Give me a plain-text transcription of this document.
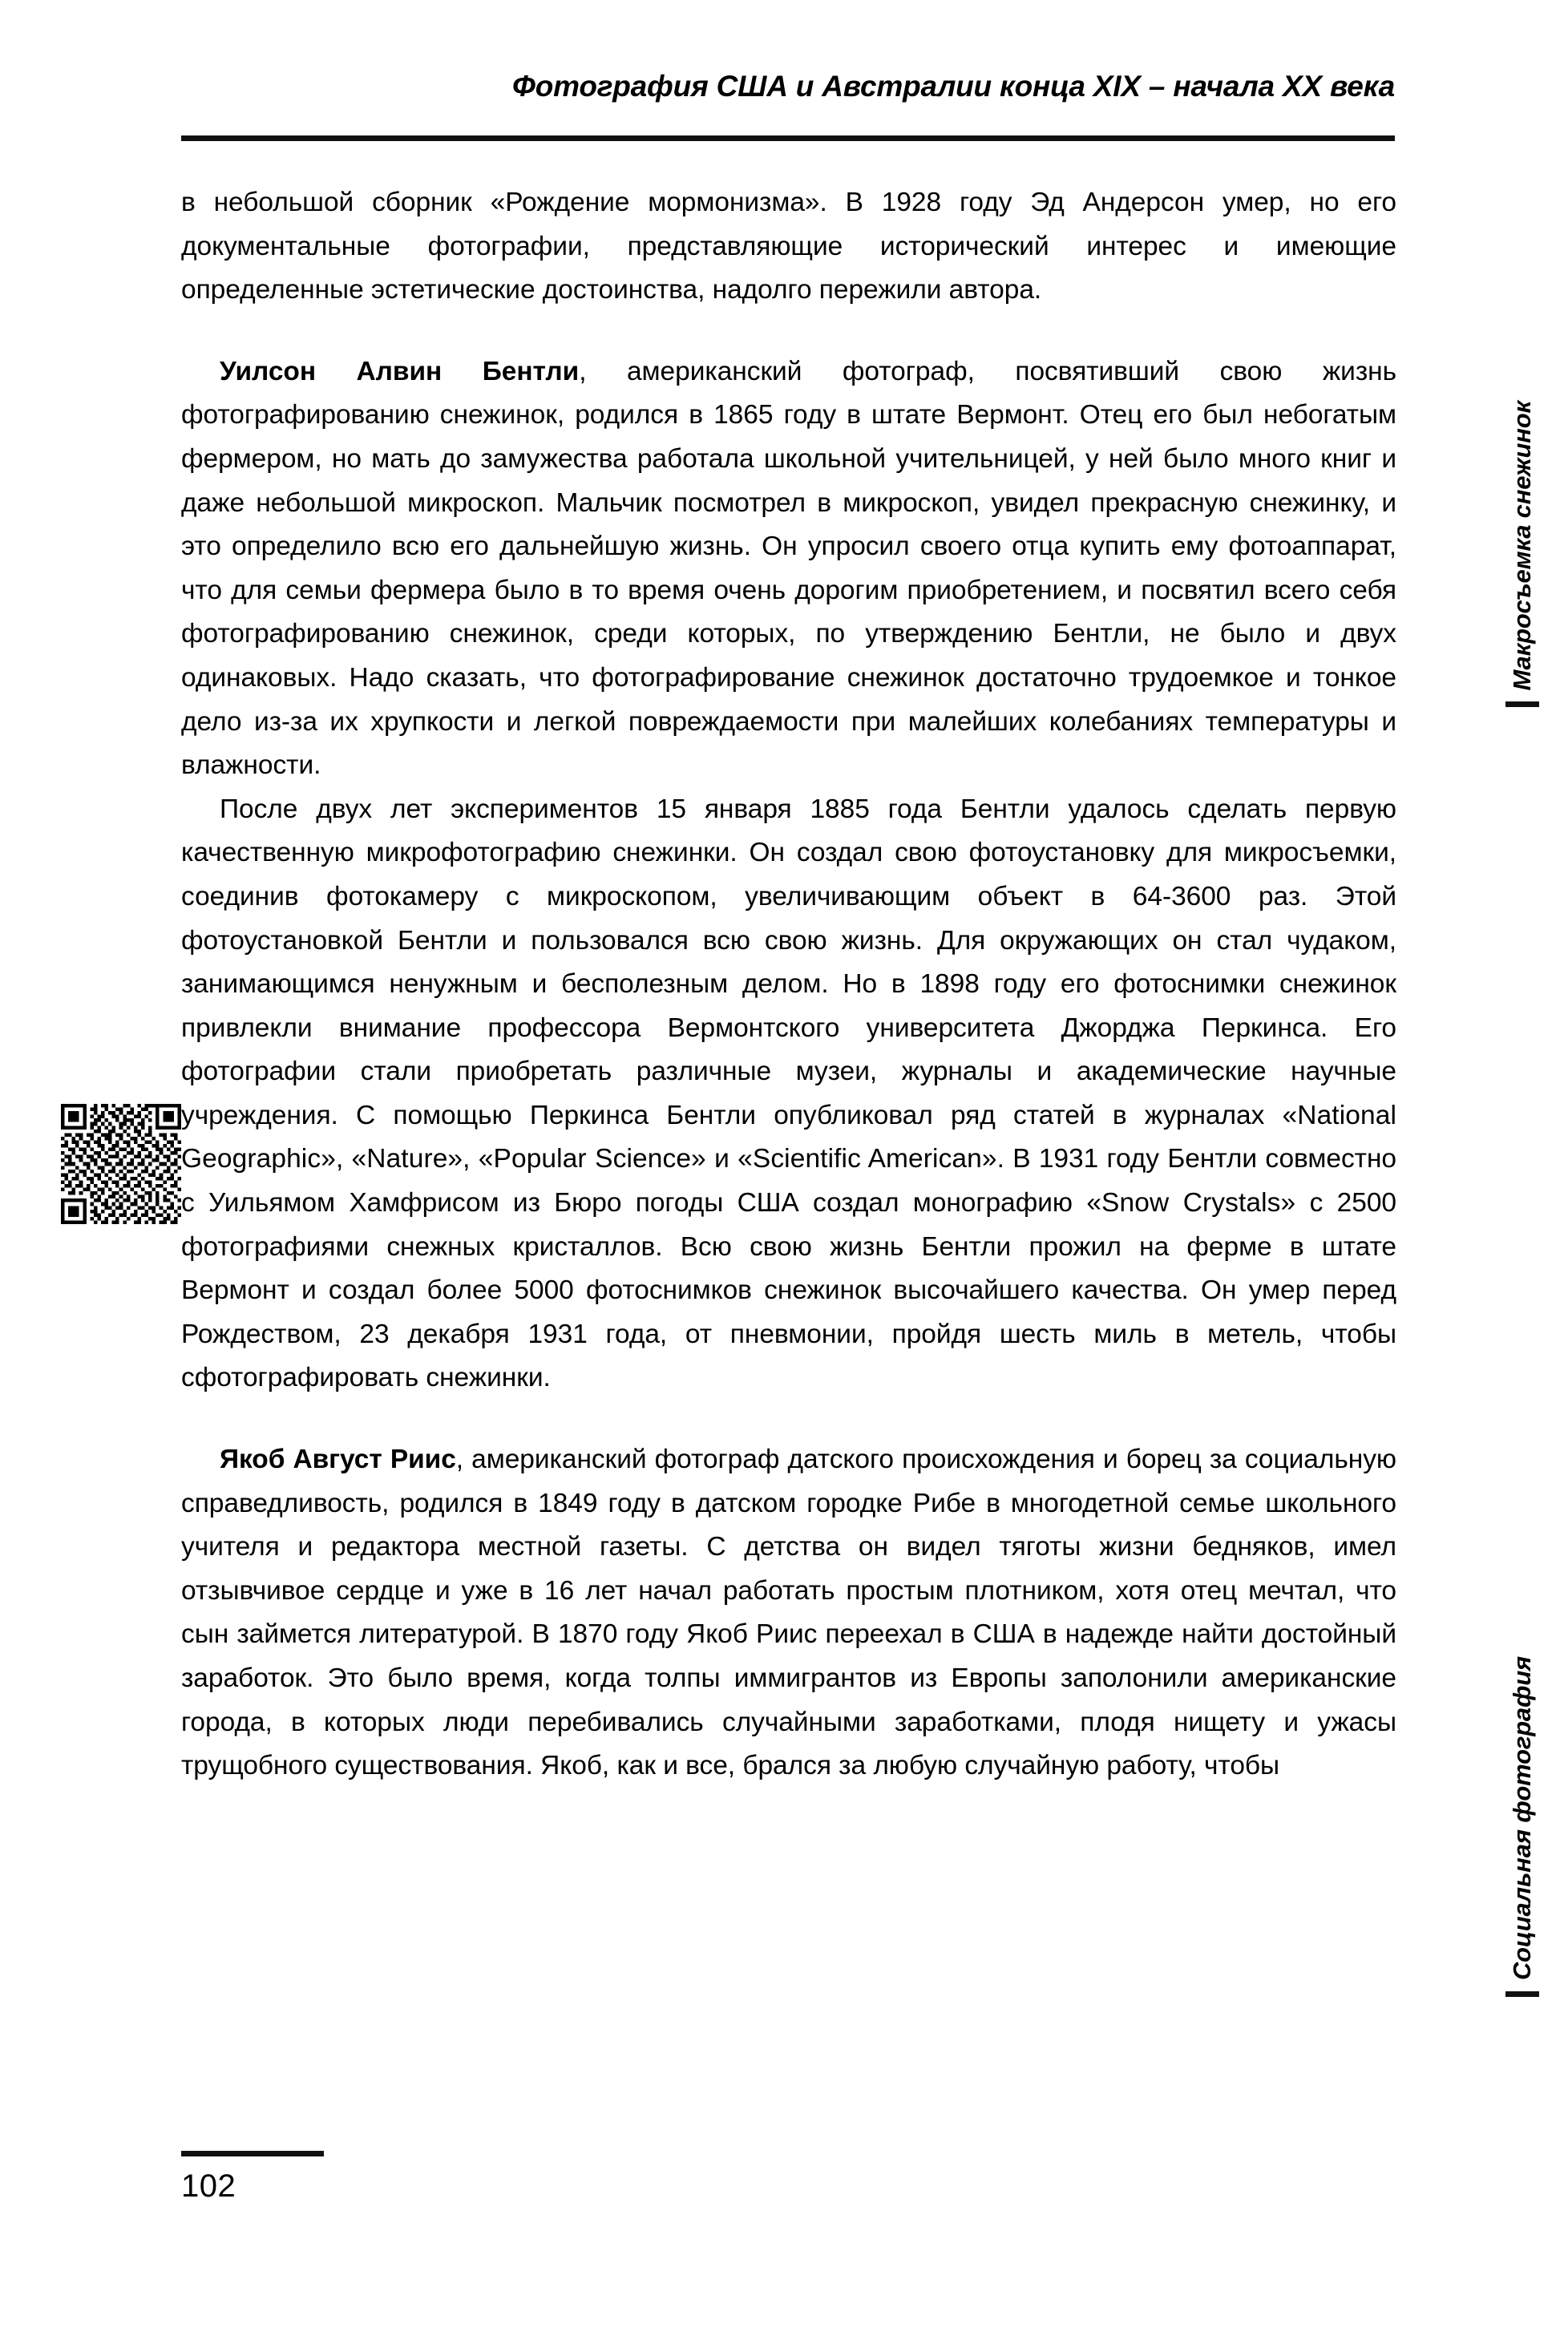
Фотография США и Австралии конца XIX – начала XX века

в небольшой сборник «Рождение мормонизма». В 1928 году Эд Андерсон умер, но его документальные фотографии, представляющие исторический интерес и имеющие определенные эстетические достоинства, надолго пережили автора.

Уилсон Алвин Бентли, американский фотограф, посвятивший свою жизнь фотографированию снежинок, родился в 1865 году в штате Вермонт. Отец его был небогатым фермером, но мать до замужества работала школьной учительницей, у ней было много книг и даже небольшой микроскоп. Мальчик посмотрел в микроскоп, увидел прекрасную снежинку, и это определило всю его дальнейшую жизнь. Он упросил своего отца купить ему фотоаппарат, что для семьи фермера было в то время очень дорогим приобретением, и посвятил всего себя фотографированию снежинок, среди которых, по утверждению Бентли, не было и двух одинаковых. Надо сказать, что фотографирование снежинок достаточно трудоемкое и тонкое дело из-за их хрупкости и легкой повреждаемости при малейших колебаниях температуры и влажности.

После двух лет экспериментов 15 января 1885 года Бентли удалось сделать первую качественную микрофотографию снежинки. Он создал свою фотоустановку для микросъемки, соединив фотокамеру с микроскопом, увеличивающим объект в 64-3600 раз. Этой фотоустановкой Бентли и пользовался всю свою жизнь. Для окружающих он стал чудаком, занимающимся ненужным и бесполезным делом. Но в 1898 году его фотоснимки снежинок привлекли внимание профессора Вермонтского университета Джорджа Перкинса. Его фотографии стали приобретать различные музеи, журналы и академические научные учреждения. С помощью Перкинса Бентли опубликовал ряд статей в журналах «National Geographic», «Nature», «Popular Science» и «Scientific American». В 1931 году Бентли совместно с Уильямом Хамфрисом из Бюро погоды США создал монографию «Snow Crystals» с 2500 фотографиями снежных кристаллов. Всю свою жизнь Бентли прожил на ферме в штате Вермонт и создал более 5000 фотоснимков снежинок высочайшего качества. Он умер перед Рождеством, 23 декабря 1931 года, от пневмонии, пройдя шесть миль в метель, чтобы сфотографировать снежинки.

Якоб Август Риис, американский фотограф датского происхождения и борец за социальную справедливость, родился в 1849 году в датском городке Рибе в многодетной семье школьного учителя и редактора местной газеты. С детства он видел тяготы жизни бедняков, имел отзывчивое сердце и уже в 16 лет начал работать простым плотником, хотя отец мечтал, что сын займется литературой. В 1870 году Якоб Риис переехал в США в надежде найти достойный заработок. Это было время, когда толпы иммигрантов из Европы заполонили американские города, в которых люди перебивались случайными заработками, плодя нищету и ужасы трущобного существования. Якоб, как и все, брался за любую случайную работу, чтобы

Макросъемка снежинок
Социальная фотография
102
